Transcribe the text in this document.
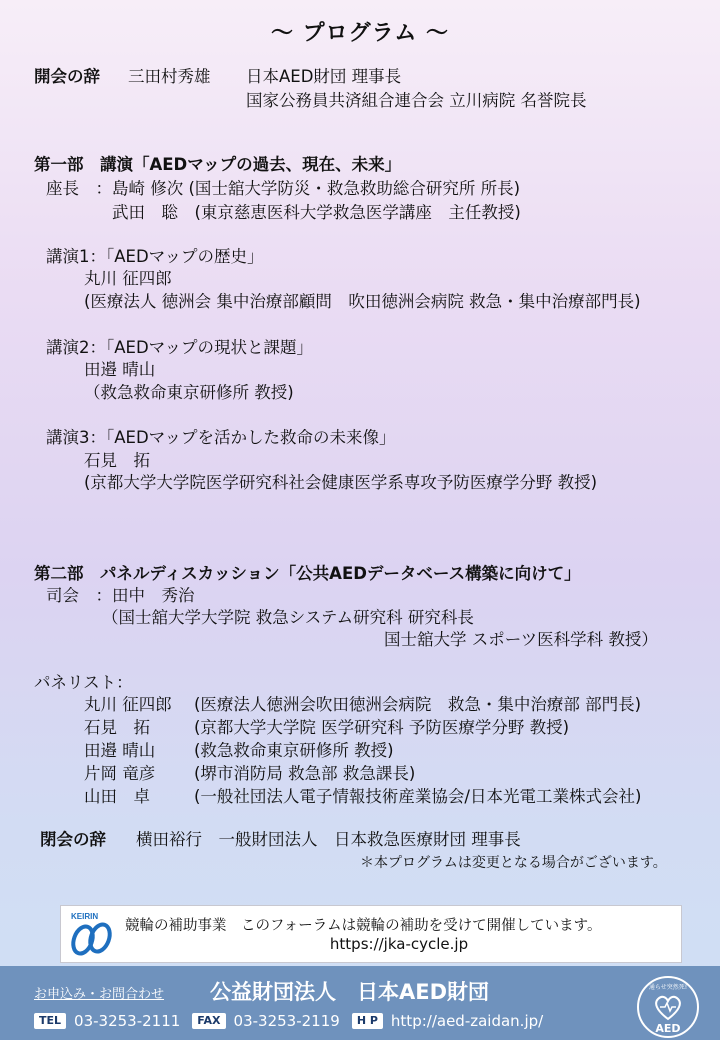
～ プログラム ～
開会の辞 三田村秀雄 日本AED財団 理事長
国家公務員共済組合連合会 立川病院 名誉院長
第一部　講演「AEDマップの過去、現在、未来」
座長　： 島崎 修次 (国士舘大学防災・救急救助総合研究所 所長)
武田　聡　(東京慈恵医科大学救急医学講座　主任教授)
講演1：「AEDマップの歴史」
丸川 征四郎
(医療法人 徳洲会 集中治療部顧問　吹田徳洲会病院 救急・集中治療部門長)
講演2：「AEDマップの現状と課題」
田邉 晴山
（救急救命東京研修所 教授)
講演3：「AEDマップを活かした救命の未来像」
石見　拓
(京都大学大学院医学研究科社会健康医学系専攻予防医療学分野 教授)
第二部　パネルディスカッション「公共AEDデータベース構築に向けて」
司会　： 田中　秀治
（国士舘大学大学院 救急システム研究科 研究科長
国士舘大学 スポーツ医科学科 教授）
パネリスト：
丸川 征四郎 (医療法人徳洲会吹田徳洲会病院　救急・集中治療部 部門長)
石見　拓	(京都大学大学院 医学研究科 予防医療学分野 教授)
田邉 晴山 (救急救命東京研修所 教授)
片岡 竜彦 (堺市消防局 救急部 救急課長)
山田　卓	(一般社団法人電子情報技術産業協会/日本光電工業株式会社)
閉会の辞 横田裕行　一般財団法人　日本救急医療財団 理事長
＊本プログラムは変更となる場合がございます。
KEIRIN
競輪の補助事業　このフォーラムは競輪の補助を受けて開催しています。
https://jka-cycle.jp
お申込み・お問合わせ 公益財団法人　日本AED財団
TEL 03-3253-2111	FAX 03-3253-2119	H P http://aed-zaidan.jp/
通らせ突然死!
AED
